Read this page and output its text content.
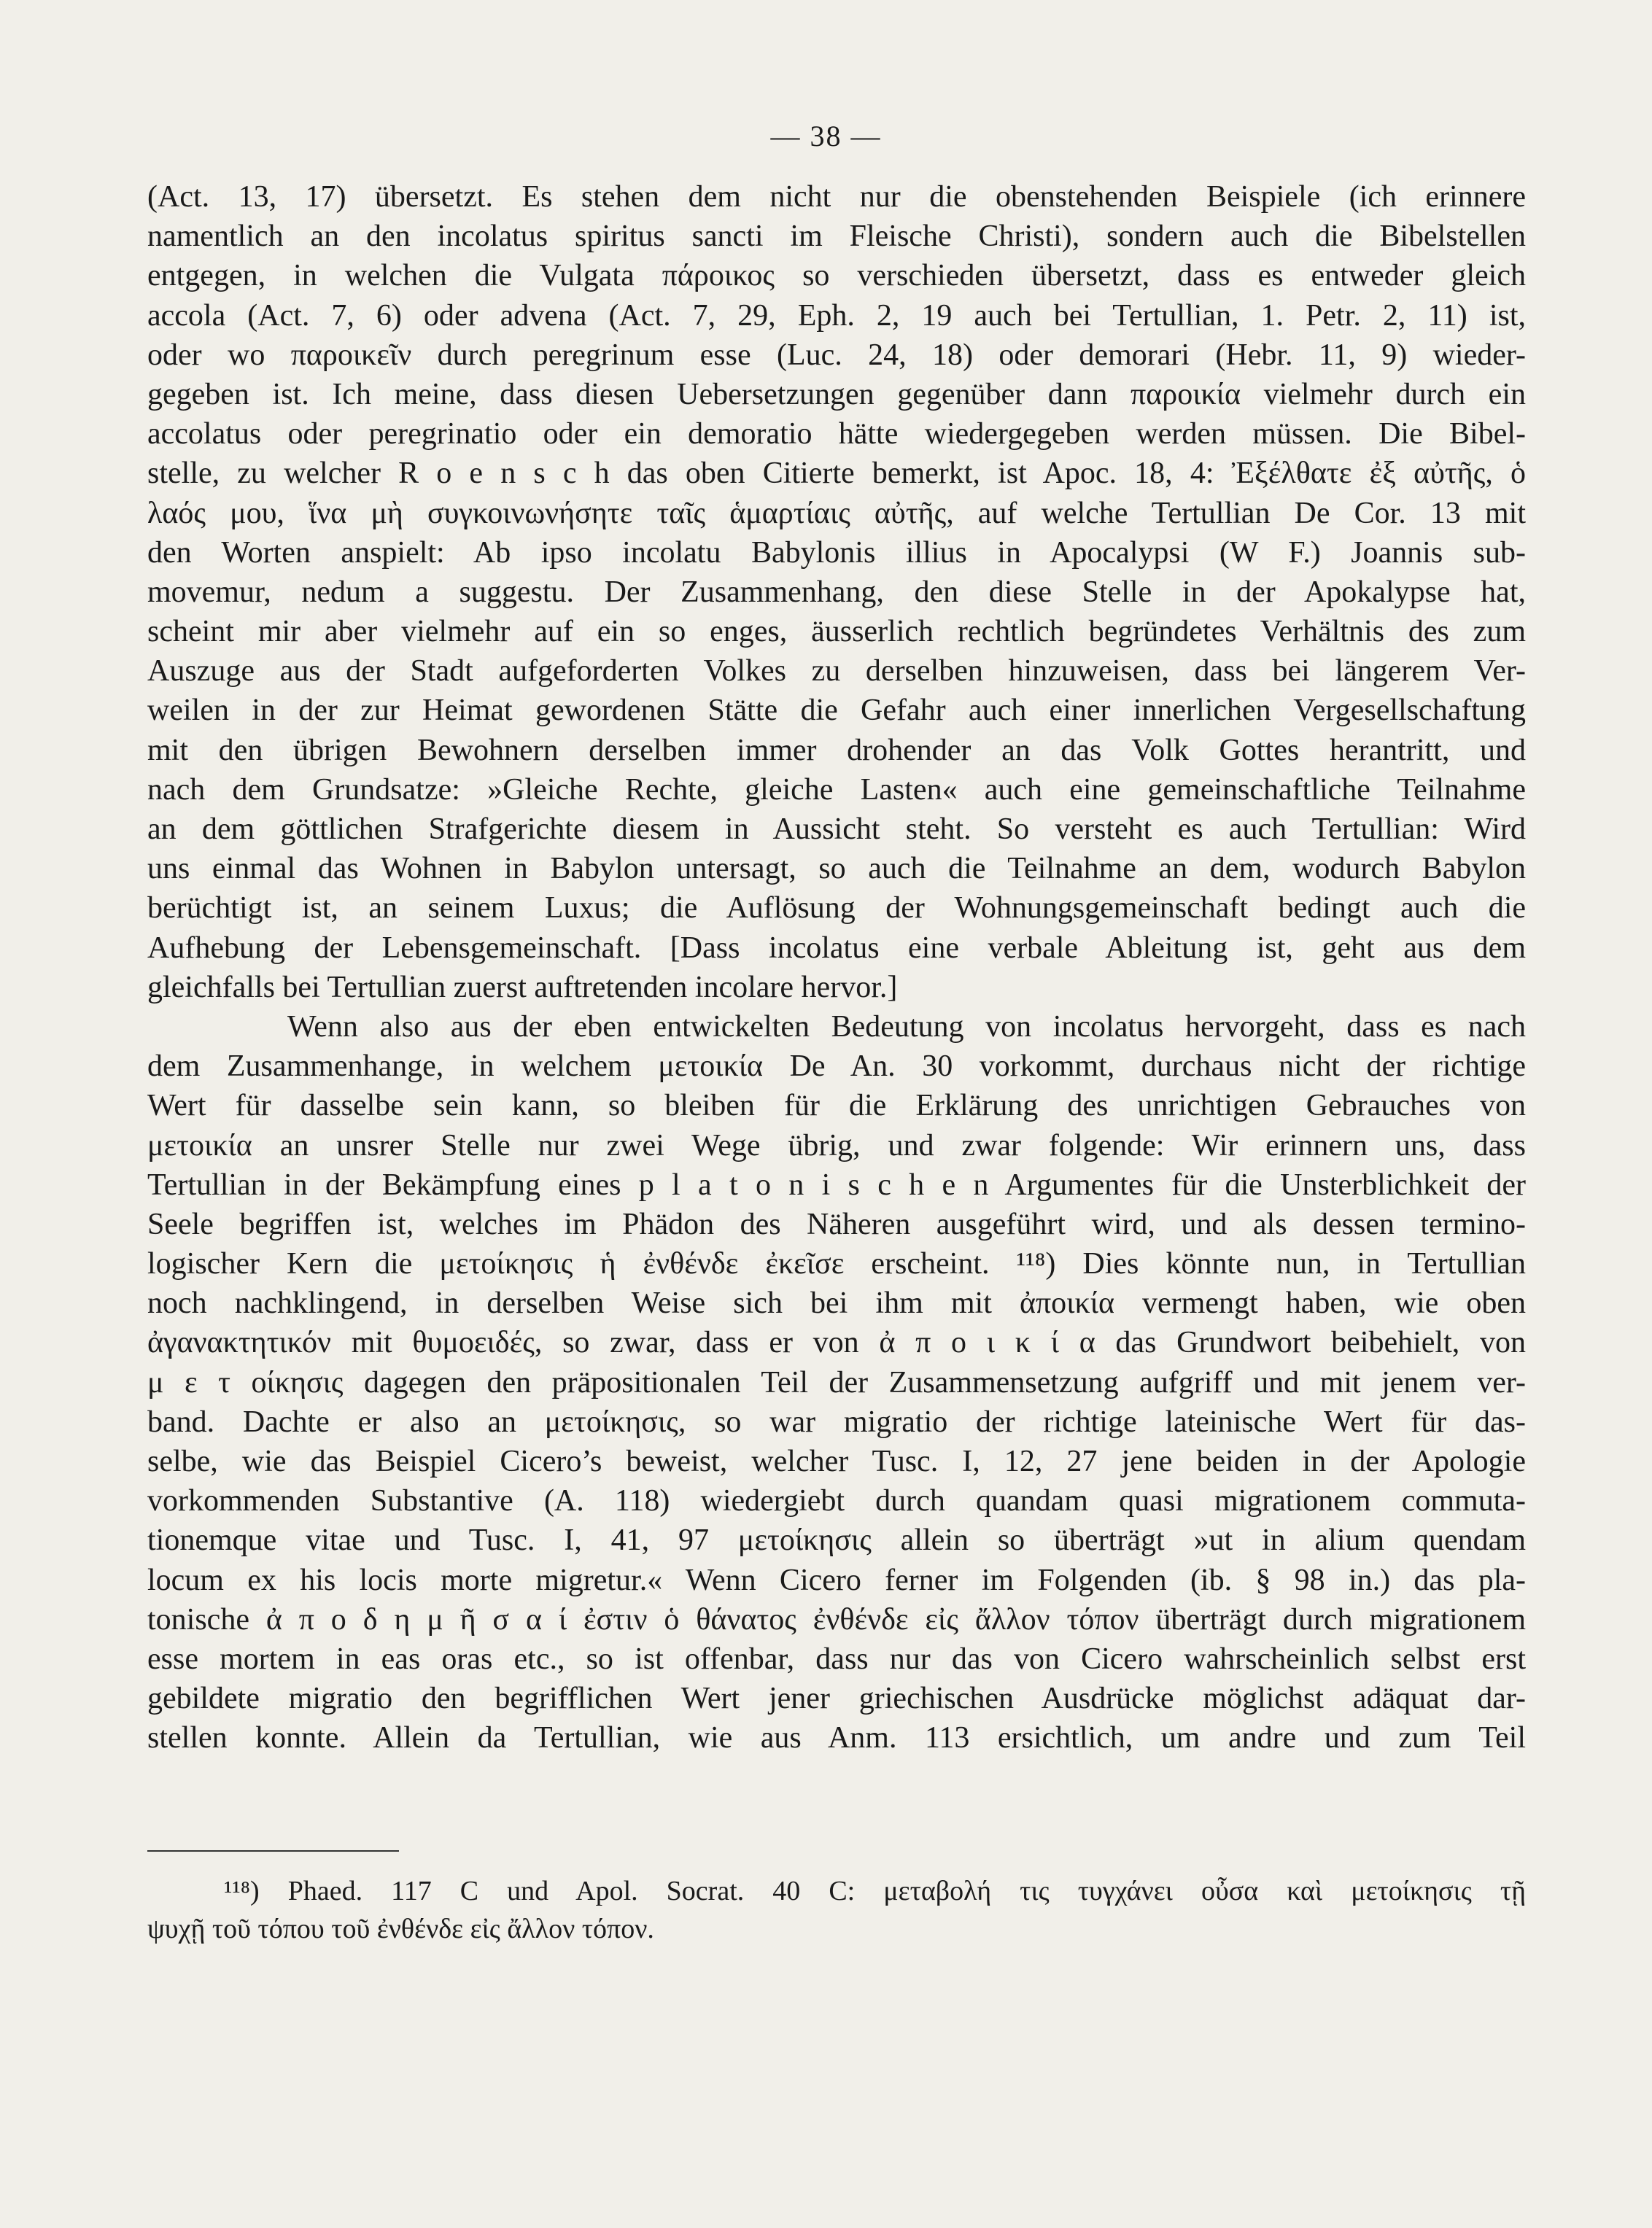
— 38 —
(Act. 13, 17) übersetzt. Es stehen dem nicht nur die obenstehenden Beispiele (ich erinnere
namentlich an den incolatus spiritus sancti im Fleische Christi), sondern auch die Bibelstellen
entgegen, in welchen die Vulgata πάροικος so verschieden übersetzt, dass es entweder gleich
accola (Act. 7, 6) oder advena (Act. 7, 29, Eph. 2, 19 auch bei Tertullian, 1. Petr. 2, 11) ist,
oder wo παροικεῖν durch peregrinum esse (Luc. 24, 18) oder demorari (Hebr. 11, 9) wieder-
gegeben ist. Ich meine, dass diesen Uebersetzungen gegenüber dann παροικία vielmehr durch ein
accolatus oder peregrinatio oder ein demoratio hätte wiedergegeben werden müssen. Die Bibel-
stelle, zu welcher R o e n s c h das oben Citierte bemerkt, ist Apoc. 18, 4: Ἐξέλθατε ἐξ αὐτῆς, ὁ
λαός μου, ἵνα μὴ συγκοινωνήσητε ταῖς ἁμαρτίαις αὐτῆς, auf welche Tertullian De Cor. 13 mit
den Worten anspielt: Ab ipso incolatu Babylonis illius in Apocalypsi (W F.) Joannis sub-
movemur, nedum a suggestu. Der Zusammenhang, den diese Stelle in der Apokalypse hat,
scheint mir aber vielmehr auf ein so enges, äusserlich rechtlich begründetes Verhältnis des zum
Auszuge aus der Stadt aufgeforderten Volkes zu derselben hinzuweisen, dass bei längerem Ver-
weilen in der zur Heimat gewordenen Stätte die Gefahr auch einer innerlichen Vergesellschaftung
mit den übrigen Bewohnern derselben immer drohender an das Volk Gottes herantritt, und
nach dem Grundsatze: »Gleiche Rechte, gleiche Lasten« auch eine gemeinschaftliche Teilnahme
an dem göttlichen Strafgerichte diesem in Aussicht steht. So versteht es auch Tertullian: Wird
uns einmal das Wohnen in Babylon untersagt, so auch die Teilnahme an dem, wodurch Babylon
berüchtigt ist, an seinem Luxus; die Auflösung der Wohnungsgemeinschaft bedingt auch die
Aufhebung der Lebensgemeinschaft. [Dass incolatus eine verbale Ableitung ist, geht aus dem
gleichfalls bei Tertullian zuerst auftretenden incolare hervor.]
Wenn also aus der eben entwickelten Bedeutung von incolatus hervorgeht, dass es nach
dem Zusammenhange, in welchem μετοικία De An. 30 vorkommt, durchaus nicht der richtige
Wert für dasselbe sein kann, so bleiben für die Erklärung des unrichtigen Gebrauches von
μετοικία an unsrer Stelle nur zwei Wege übrig, und zwar folgende: Wir erinnern uns, dass
Tertullian in der Bekämpfung eines p l a t o n i s c h e n Argumentes für die Unsterblichkeit der
Seele begriffen ist, welches im Phädon des Näheren ausgeführt wird, und als dessen termino-
logischer Kern die μετοίκησις ἡ ἐνθένδε ἐκεῖσε erscheint. ¹¹⁸) Dies könnte nun, in Tertullian
noch nachklingend, in derselben Weise sich bei ihm mit ἀποικία vermengt haben, wie oben
ἀγανακτητικόν mit θυμοειδές, so zwar, dass er von ἀ π ο ι κ ί α das Grundwort beibehielt, von
μ ε τ οίκησις dagegen den präpositionalen Teil der Zusammensetzung aufgriff und mit jenem ver-
band. Dachte er also an μετοίκησις, so war migratio der richtige lateinische Wert für das-
selbe, wie das Beispiel Cicero’s beweist, welcher Tusc. I, 12, 27 jene beiden in der Apologie
vorkommenden Substantive (A. 118) wiedergiebt durch quandam quasi migrationem commuta-
tionemque vitae und Tusc. I, 41, 97 μετοίκησις allein so überträgt »ut in alium quendam
locum ex his locis morte migretur.« Wenn Cicero ferner im Folgenden (ib. § 98 in.) das pla-
tonische ἀ π ο δ η μ ῆ σ α ί ἐστιν ὁ θάνατος ἐνθένδε εἰς ἄλλον τόπον überträgt durch migrationem
esse mortem in eas oras etc., so ist offenbar, dass nur das von Cicero wahrscheinlich selbst erst
gebildete migratio den begrifflichen Wert jener griechischen Ausdrücke möglichst adäquat dar-
stellen konnte. Allein da Tertullian, wie aus Anm. 113 ersichtlich, um andre und zum Teil
¹¹⁸) Phaed. 117 C und Apol. Socrat. 40 C: μεταβολή τις τυγχάνει οὖσα καὶ μετοίκησις τῇ
ψυχῇ τοῦ τόπου τοῦ ἐνθένδε εἰς ἄλλον τόπον.
